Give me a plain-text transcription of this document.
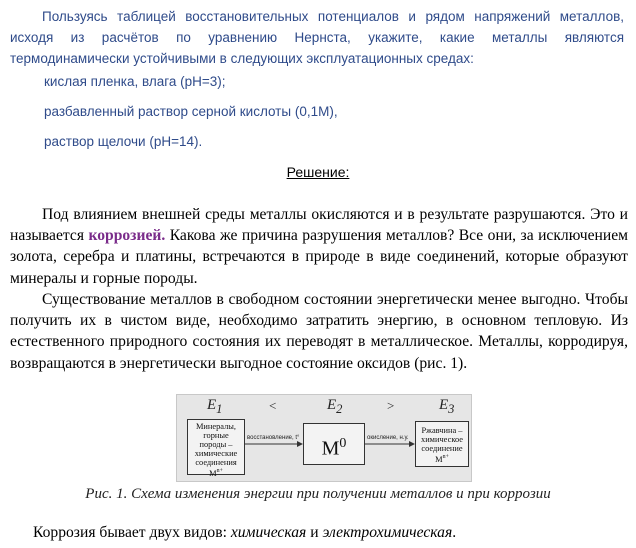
Пользуясь таблицей восстановительных потенциалов и рядом напряжений металлов, исходя из расчётов по уравнению Нернста, укажите, какие металлы являются термодинамически устойчивыми в следующих эксплуатационных средах:
кислая пленка, влага (pH=3);
разбавленный раствор серной кислоты (0,1М),
раствор щелочи (pH=14).
Решение:

Под влиянием внешней среды металлы окисляются и в результате разрушаются. Это и называется коррозией. Какова же причина разрушения металлов? Все они, за исключением золота, серебра и платины, встречаются в природе в виде соединений, которые образуют минералы и горные породы.

Существование металлов в свободном состоянии энергетически менее выгодно. Чтобы получить их в чистом виде, необходимо затратить энергию, в основном тепловую. Из естественного природного состояния их переводят в металлическое. Металлы, корродируя, возвращаются в энергетически выгодное состояние оксидов (рис. 1).

$E_1$	<	$E_2$	>	$E_3$
Минералы,
горные
породы –
химические
соединения
$M^{n+}$
$M^0$
Ржавчина –
химическое
соединение
$M^{n+}$
восстановление, t°	окисление, н.у.
Рис. 1. Схема изменения энергии при получении металлов и при коррозии
Коррозия бывает двух видов: химическая и электрохимическая.
